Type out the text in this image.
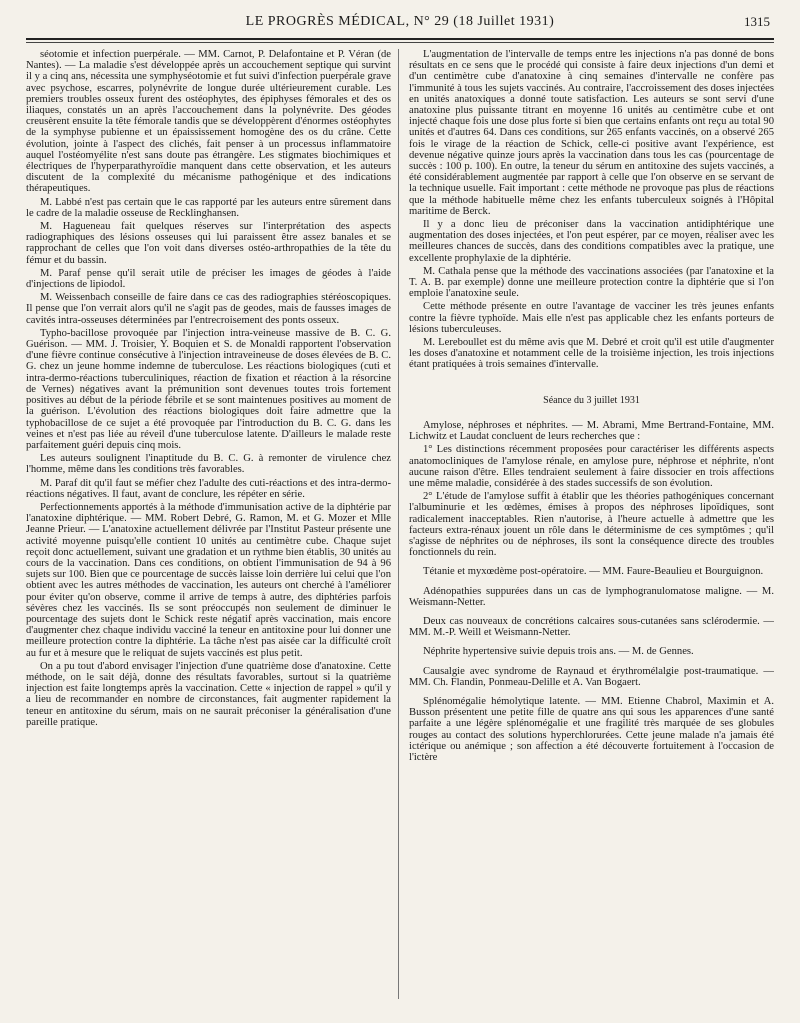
LE PROGRÈS MÉDICAL, N° 29 (18 Juillet 1931)	1315

séotomie et infection puerpérale. — MM. Carnot, P. Delafontaine et P. Véran (de Nantes). — La maladie s'est développée après un accouchement septique qui survint il y a cinq ans, nécessita une symphyséotomie et fut suivi d'infection puerpérale grave avec psychose, escarres, polynévrite de longue durée ultérieurement curable. Les premiers troubles osseux furent des ostéophytes, des épiphyses fémorales et des os iliaques, constatés un an après l'accouchement dans la polynévrite. Des géodes creusèrent ensuite la tête fémorale tandis que se développèrent d'énormes ostéophytes de la symphyse pubienne et un épaississement homogène des os du crâne. Cette évolution, jointe à l'aspect des clichés, fait penser à un processus inflammatoire auquel l'ostéomyélite n'est sans doute pas étrangère. Les stigmates biochimiques et électriques de l'hyperparathyroïdie manquent dans cette observation, et les auteurs discutent de la complexité du mécanisme pathogénique et des indications thérapeutiques.

M. Labbé n'est pas certain que le cas rapporté par les auteurs entre sûrement dans le cadre de la maladie osseuse de Recklinghansen.

M. Hagueneau fait quelques réserves sur l'interprétation des aspects radiographiques des lésions osseuses qui lui paraissent être assez banales et se rapprochant de celles que l'on voit dans diverses ostéo-arthropathies de la tête du fémur et du bassin.

M. Paraf pense qu'il serait utile de préciser les images de géodes à l'aide d'injections de lipiodol.

M. Weissenbach conseille de faire dans ce cas des radiographies stéréoscopiques. Il pense que l'on verrait alors qu'il ne s'agit pas de geodes, mais de fausses images de cavités intra-osseuses déterminées par l'entrecroisement des ponts osseux.

Typho-bacillose provoquée par l'injection intra-veineuse massive de B. C. G. Guérison. — MM. J. Troisier, Y. Boquien et S. de Monaldi rapportent l'observation d'une fièvre continue consécutive à l'injection intraveineuse de doses élevées de B. C. G. chez un jeune homme indemne de tuberculose. Les réactions biologiques (cuti et intra-dermo-réactions tuberculiniques, réaction de fixation et réaction à la résorcine de Vernes) négatives avant la prémunition sont devenues toutes trois fortement positives au début de la période fébrile et se sont maintenues positives au moment de la guérison. L'évolution des réactions biologiques doit faire admettre que la typhobacillose de ce sujet a été provoquée par l'introduction du B. C. G. dans les veines et n'est pas liée au réveil d'une tuberculose latente. D'ailleurs le malade reste parfaitement guéri depuis cinq mois.

Les auteurs soulignent l'inaptitude du B. C. G. à remonter de virulence chez l'homme, même dans les conditions très favorables.

M. Paraf dit qu'il faut se méfier chez l'adulte des cuti-réactions et des intra-dermo-réactions négatives. Il faut, avant de conclure, les répéter en série.

Perfectionnements apportés à la méthode d'immunisation active de la diphtérie par l'anatoxine diphtérique. — MM. Robert Debré, G. Ramon, M. et G. Mozer et Mlle Jeanne Prieur. — L'anatoxine actuellement délivrée par l'Institut Pasteur présente une activité moyenne puisqu'elle contient 10 unités au centimètre cube. Chaque sujet reçoit donc actuellement, suivant une gradation et un rythme bien établis, 30 unités au cours de la vaccination. Dans ces conditions, on obtient l'immunisation de 94 à 96 sujets sur 100. Bien que ce pourcentage de succès laisse loin derrière lui celui que l'on obtient avec les autres méthodes de vaccination, les auteurs ont cherché à l'améliorer pour éviter qu'on observe, comme il arrive de temps à autre, des diphtéries parfois sévères chez les vaccinés. Ils se sont préoccupés non seulement de diminuer le pourcentage des sujets dont le Schick reste négatif après vaccination, mais encore d'augmenter chez chaque individu vacciné la teneur en antitoxine pour lui donner une meilleure protection contre la diphtérie. La tâche n'est pas aisée car la difficulté croît au fur et à mesure que le reliquat de sujets vaccinés est plus petit.

On a pu tout d'abord envisager l'injection d'une quatrième dose d'anatoxine. Cette méthode, on le sait déjà, donne des résultats favorables, surtout si la quatrième injection est faite longtemps après la vaccination. Cette « injection de rappel » qu'il y a lieu de recommander en nombre de circonstances, fait augmenter rapidement la teneur en antitoxine du sérum, mais on ne saurait préconiser la généralisation d'une pareille pratique.

L'augmentation de l'intervalle de temps entre les injections n'a pas donné de bons résultats en ce sens que le procédé qui consiste à faire deux injections d'un demi et d'un centimètre cube d'anatoxine à cinq semaines d'intervalle ne confère pas l'immunité à tous les sujets vaccinés. Au contraire, l'accroissement des doses injectées en unités anatoxiques a donné toute satisfaction. Les auteurs se sont servi d'une anatoxine plus puissante titrant en moyenne 16 unités au centimètre cube et ont injecté chaque fois une dose plus forte si bien que certains enfants ont reçu au total 90 unités et d'autres 64. Dans ces conditions, sur 265 enfants vaccinés, on a observé 265 fois le virage de la réaction de Schick, celle-ci positive avant l'expérience, est devenue négative quinze jours après la vaccination dans tous les cas (pourcentage de succès : 100 p. 100). En outre, la teneur du sérum en antitoxine des sujets vaccinés, a été considérablement augmentée par rapport à celle que l'on observe en se servant de la technique usuelle. Fait important : cette méthode ne provoque pas plus de réactions que la méthode habituelle même chez les enfants tuberculeux soignés à l'Hôpital maritime de Berck.

Il y a donc lieu de préconiser dans la vaccination antidiphtérique une augmentation des doses injectées, et l'on peut espérer, par ce moyen, réaliser avec les meilleures chances de succès, dans des conditions compatibles avec la pratique, une excellente prophylaxie de la diphtérie.

M. Cathala pense que la méthode des vaccinations associées (par l'anatoxine et la T. A. B. par exemple) donne une meilleure protection contre la diphtérie que si l'on emploie l'anatoxine seule.

Cette méthode présente en outre l'avantage de vacciner les très jeunes enfants contre la fièvre typhoïde. Mais elle n'est pas applicable chez les enfants porteurs de lésions tuberculeuses.

M. Lereboullet est du même avis que M. Debré et croit qu'il est utile d'augmenter les doses d'anatoxine et notamment celle de la troisième injection, les trois injections étant pratiquées à trois semaines d'intervalle.

Séance du 3 juillet 1931

Amylose, néphroses et néphrites. — M. Abrami, Mme Bertrand-Fontaine, MM. Lichwitz et Laudat concluent de leurs recherches que :

1° Les distinctions récemment proposées pour caractériser les différents aspects anatomocliniques de l'amylose rénale, en amylose pure, néphrose et néphrite, n'ont aucune raison d'être. Elles tendraient seulement à faire dissocier en trois affections une même maladie, considérée à des stades successifs de son évolution.

2° L'étude de l'amylose suffit à établir que les théories pathogéniques concernant l'albuminurie et les œdèmes, émises à propos des néphroses lipoïdiques, sont radicalement inacceptables. Rien n'autorise, à l'heure actuelle à admettre que les facteurs extra-rénaux jouent un rôle dans le déterminisme de ces symptômes ; qu'il s'agisse de néphrites ou de néphroses, ils sont la conséquence directe des troubles fonctionnels du rein.

Tétanie et myxœdème post-opératoire. — MM. Faure-Beaulieu et Bourguignon.

Adénopathies suppurées dans un cas de lymphogranulomatose maligne. — M. Weismann-Netter.

Deux cas nouveaux de concrétions calcaires sous-cutanées sans sclérodermie. — MM. M.-P. Weill et Weismann-Netter.

Néphrite hypertensive suivie depuis trois ans. — M. de Gennes.

Causalgie avec syndrome de Raynaud et érythromélalgie post-traumatique. — MM. Ch. Flandin, Ponmeau-Delille et A. Van Bogaert.

Splénomégalie hémolytique latente. — MM. Etienne Chabrol, Maximin et A. Busson présentent une petite fille de quatre ans qui sous les apparences d'une santé parfaite a une légère splénomégalie et une fragilité très marquée de ses globules rouges au contact des solutions hyperchlorurées. Cette jeune malade n'a jamais été ictérique ou anémique ; son affection a été découverte fortuitement à l'occasion de l'ictère
